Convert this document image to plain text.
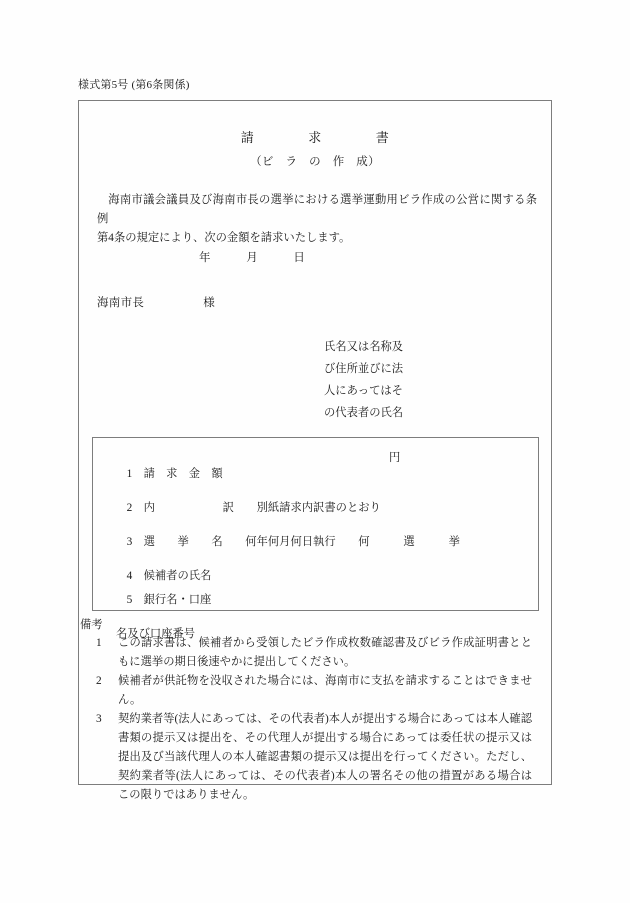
様式第5号 (第6条関係)
請　　　　求　　　　書
（ビ　ラ　の　作　成）
海南市議会議員及び海南市長の選挙における選挙運動用ビラ作成の公営に関する条例
第4条の規定により、次の金額を請求いたします。
年　　　月　　　日
海南市長　　　　　様
氏名又は名称及
び住所並びに法
人にあってはそ
の代表者の氏名

1　 請　求　金　額

円

2　 内　　　　　　訳　　 別紙請求内訳書のとおり

3　 選　　挙　　名　　 何年何月何日執行　　何　　　選　　　挙

4　 候補者の氏名

5　 銀行名・口座

名及び口座番号

備考
1 この請求書は、候補者から受領したビラ作成枚数確認書及びビラ作成証明書とともに選挙の期日後速やかに提出してください。
2 候補者が供託物を没収された場合には、海南市に支払を請求することはできません。
3 契約業者等(法人にあっては、その代表者)本人が提出する場合にあっては本人確認書類の提示又は提出を、その代理人が提出する場合にあっては委任状の提示又は提出及び当該代理人の本人確認書類の提示又は提出を行ってください。ただし、契約業者等(法人にあっては、その代表者)本人の署名その他の措置がある場合はこの限りではありません。
